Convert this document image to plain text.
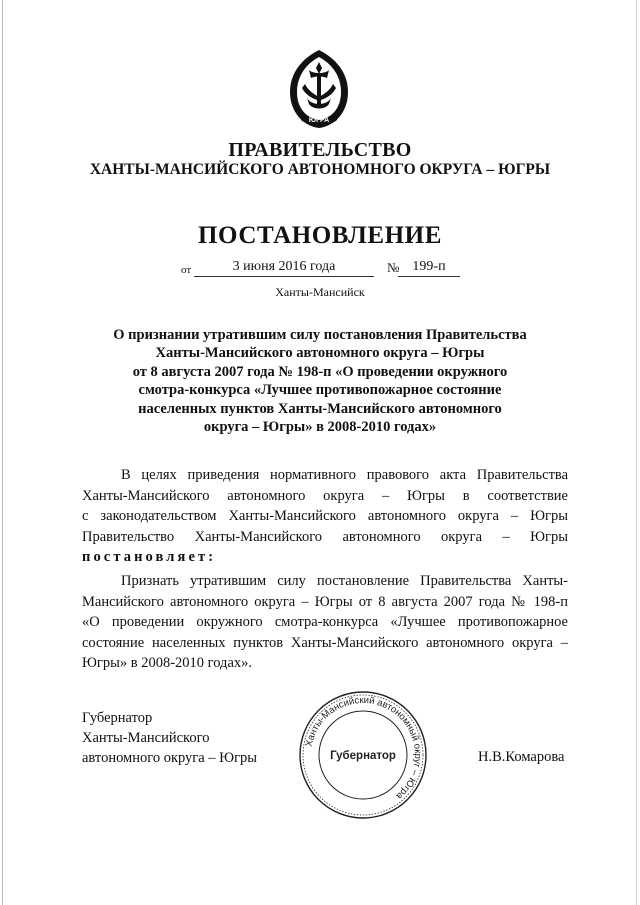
ЮГРА
ПРАВИТЕЛЬСТВО
ХАНТЫ-МАНСИЙСКОГО АВТОНОМНОГО ОКРУГА – ЮГРЫ
ПОСТАНОВЛЕНИЕ
от	3 июня 2016 года	№ 199-п
Ханты-Мансийск
О признании утратившим силу постановления Правительства
Ханты-Мансийского автономного округа – Югры
от 8 августа 2007 года № 198-п «О проведении окружного
смотра-конкурса «Лучшее противопожарное состояние
населенных пунктов Ханты-Мансийского автономного
округа – Югры» в 2008-2010 годах»
В целях приведения нормативного правового акта Правительства
Ханты-Мансийского автономного округа – Югры в соответствие
с законодательством Ханты-Мансийского автономного округа – Югры
Правительство Ханты-Мансийского автономного округа – Югры
постановляет:
Признать утратившим силу постановление Правительства Ханты-
Мансийского автономного округа – Югры от 8 августа 2007 года № 198-п
«О проведении окружного смотра-конкурса «Лучшее противопожарное
состояние населенных пунктов Ханты-Мансийского автономного округа –
Югры» в 2008-2010 годах».
Губернатор
Ханты-Мансийского
автономного округа – Югры
Ханты-Мансийский автономный округ – Югра
Губернатор	Н.В.Комарова
